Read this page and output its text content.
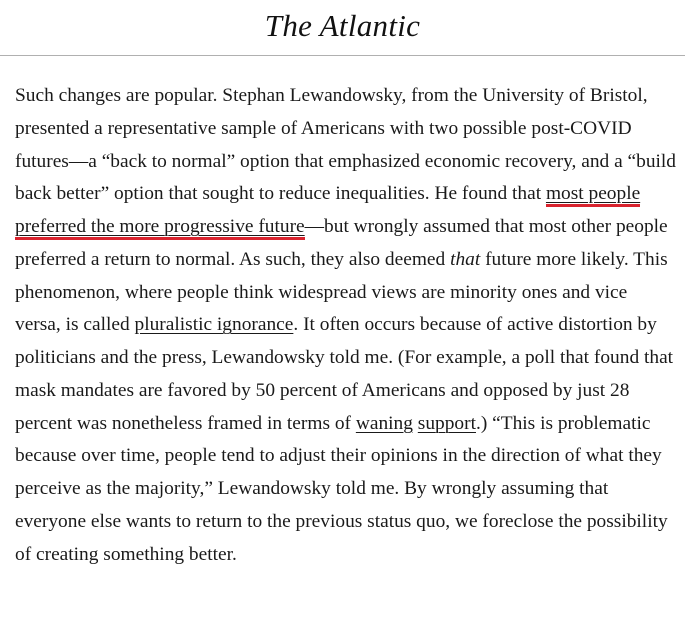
The Atlantic

Such changes are popular. Stephan Lewandowsky, from the University of Bristol, presented a representative sample of Americans with two possible post-COVID futures—a “back to normal” option that emphasized economic recovery, and a “build back better” option that sought to reduce inequalities. He found that most people preferred the more progressive future—but wrongly assumed that most other people preferred a return to normal. As such, they also deemed that future more likely. This phenomenon, where people think widespread views are minority ones and vice versa, is called pluralistic ignorance. It often occurs because of active distortion by politicians and the press, Lewandowsky told me. (For example, a poll that found that mask mandates are favored by 50 percent of Americans and opposed by just 28 percent was nonetheless framed in terms of waning support.) “This is problematic because over time, people tend to adjust their opinions in the direction of what they perceive as the majority,” Lewandowsky told me. By wrongly assuming that everyone else wants to return to the previous status quo, we foreclose the possibility of creating something better.
